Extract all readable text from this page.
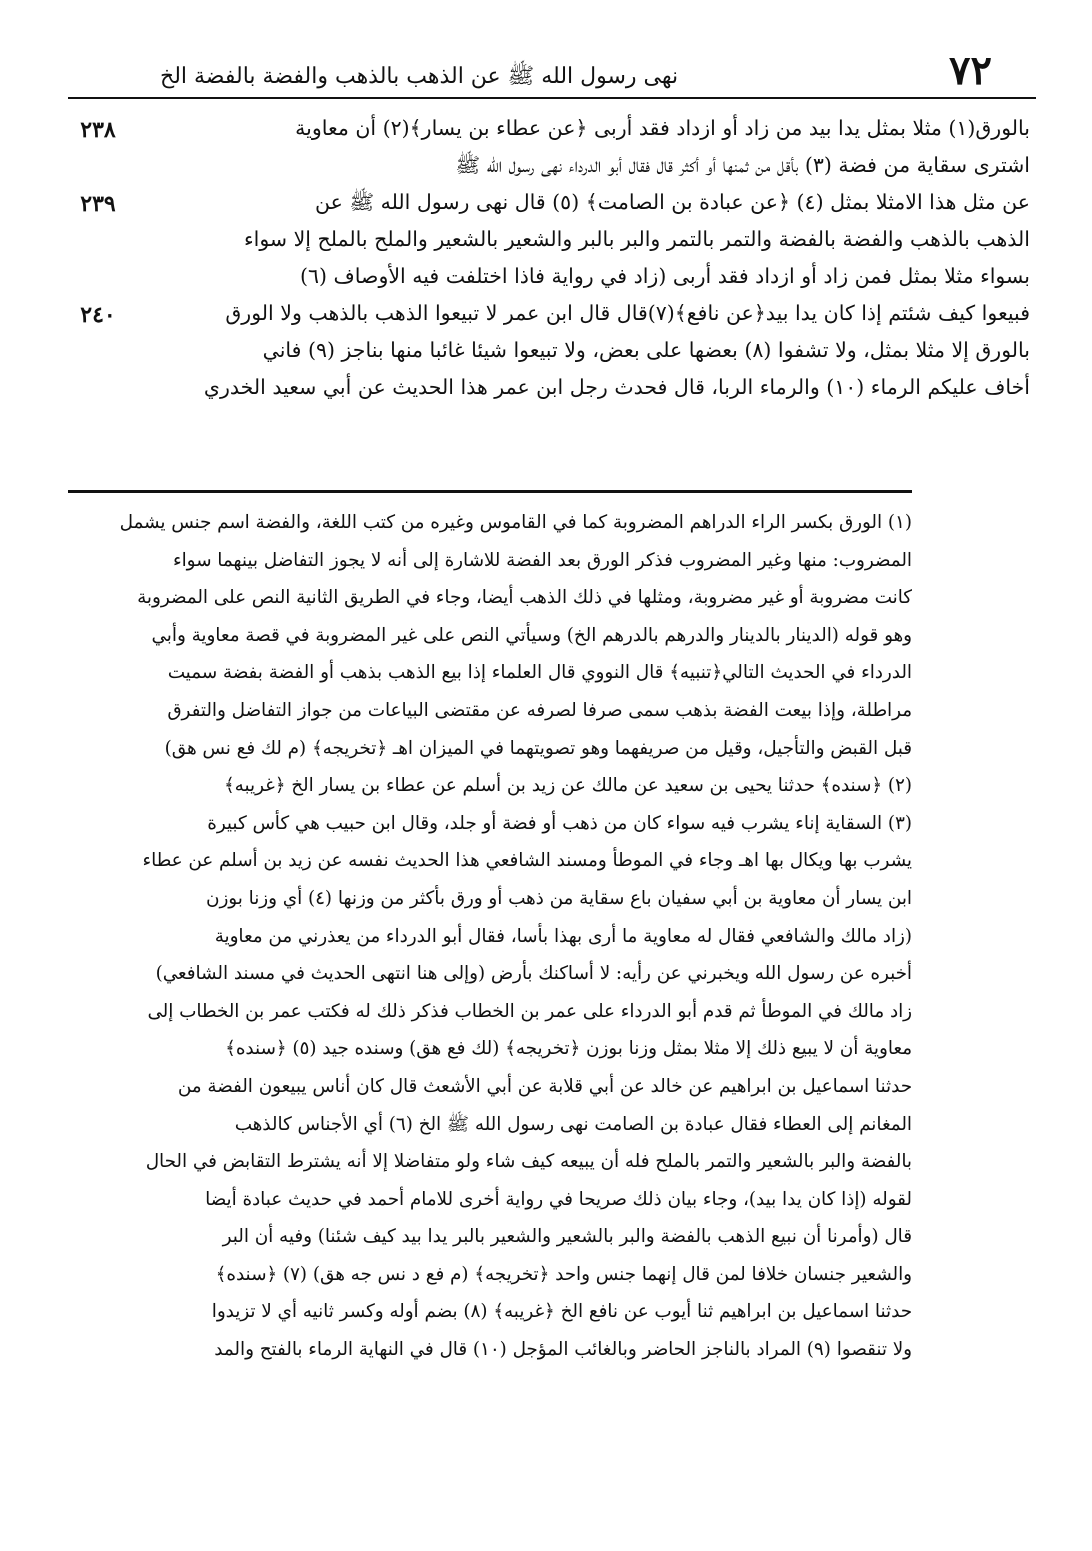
٧٢
نهى رسول الله ﷺ عن الذهب بالذهب والفضة بالفضة الخ
٢٣٨	بالورق(١) مثلا بمثل يدا بيد من زاد أو ازداد فقد أربى ﴿عن عطاء بن يسار﴾(٢) أن معاوية
اشترى سقاية من فضة (٣) بأقل من ثمنها أو أكثر قال فقال أبو الدرداء نهى رسول الله ﷺ
٢٣٩	عن مثل هذا الامثلا بمثل (٤) ﴿عن عبادة بن الصامت﴾ (٥) قال نهى رسول الله ﷺ عن
الذهب بالذهب والفضة بالفضة والتمر بالتمر والبر بالبر والشعير بالشعير والملح بالملح إلا سواء
بسواء مثلا بمثل فمن زاد أو ازداد فقد أربى (زاد في رواية فاذا اختلفت فيه الأوصاف (٦)
٢٤٠	فبيعوا كيف شئتم إذا كان يدا بيد﴿عن نافع﴾(٧)قال قال ابن عمر لا تبيعوا الذهب بالذهب ولا الورق
بالورق إلا مثلا بمثل، ولا تشفوا (٨) بعضها على بعض، ولا تبيعوا شيئا غائبا منها بناجز (٩) فاني
أخاف عليكم الرماء (١٠) والرماء الربا، قال فحدث رجل ابن عمر هذا الحديث عن أبي سعيد الخدري
(١) الورق بكسر الراء الدراهم المضروبة كما في القاموس وغيره من كتب اللغة، والفضة اسم جنس يشمل
المضروب: منها وغير المضروب فذكر الورق بعد الفضة للاشارة إلى أنه لا يجوز التفاضل بينهما سواء
كانت مضروبة أو غير مضروبة، ومثلها في ذلك الذهب أيضا، وجاء في الطريق الثانية النص على المضروبة
وهو قوله (الدينار بالدينار والدرهم بالدرهم الخ) وسيأتي النص على غير المضروبة في قصة معاوية وأبي
الدرداء في الحديث التالي﴿تنبيه﴾ قال النووي قال العلماء إذا بيع الذهب بذهب أو الفضة بفضة سميت
مراطلة، وإذا بيعت الفضة بذهب سمى صرفا لصرفه عن مقتضى البياعات من جواز التفاضل والتفرق
قبل القبض والتأجيل، وقيل من صريفهما وهو تصويتهما في الميزان اهـ ﴿تخريجه﴾ (م لك فع نس هق)
(٢) ﴿سنده﴾ حدثنا يحيى بن سعيد عن مالك عن زيد بن أسلم عن عطاء بن يسار الخ ﴿غريبه﴾
(٣) السقاية إناء يشرب فيه سواء كان من ذهب أو فضة أو جلد، وقال ابن حبيب هي كأس كبيرة
يشرب بها ويكال بها اهـ وجاء في الموطأ ومسند الشافعي هذا الحديث نفسه عن زيد بن أسلم عن عطاء
ابن يسار أن معاوية بن أبي سفيان باع سقاية من ذهب أو ورق بأكثر من وزنها (٤) أي وزنا بوزن
(زاد مالك والشافعي فقال له معاوية ما أرى بهذا بأسا، فقال أبو الدرداء من يعذرني من معاوية
أخبره عن رسول الله ويخبرني عن رأيه: لا أساكنك بأرض (وإلى هنا انتهى الحديث في مسند الشافعي)
زاد مالك في الموطأ ثم قدم أبو الدرداء على عمر بن الخطاب فذكر ذلك له فكتب عمر بن الخطاب إلى
معاوية أن لا يبيع ذلك إلا مثلا بمثل وزنا بوزن ﴿تخريجه﴾ (لك فع هق) وسنده جيد (٥) ﴿سنده﴾
حدثنا اسماعيل بن ابراهيم عن خالد عن أبي قلابة عن أبي الأشعث قال كان أناس يبيعون الفضة من
المغانم إلى العطاء فقال عبادة بن الصامت نهى رسول الله ﷺ الخ (٦) أي الأجناس كالذهب
بالفضة والبر بالشعير والتمر بالملح فله أن يبيعه كيف شاء ولو متفاضلا إلا أنه يشترط التقابض في الحال
لقوله (إذا كان يدا بيد)، وجاء بيان ذلك صريحا في رواية أخرى للامام أحمد في حديث عبادة أيضا
قال (وأمرنا أن نبيع الذهب بالفضة والبر بالشعير والشعير بالبر يدا بيد كيف شئنا) وفيه أن البر
والشعير جنسان خلافا لمن قال إنهما جنس واحد ﴿تخريجه﴾ (م فع د نس جه هق) (٧) ﴿سنده﴾
حدثنا اسماعيل بن ابراهيم ثنا أيوب عن نافع الخ ﴿غريبه﴾ (٨) بضم أوله وكسر ثانيه أي لا تزيدوا
ولا تنقصوا (٩) المراد بالناجز الحاضر وبالغائب المؤجل (١٠) قال في النهاية الرماء بالفتح والمد
